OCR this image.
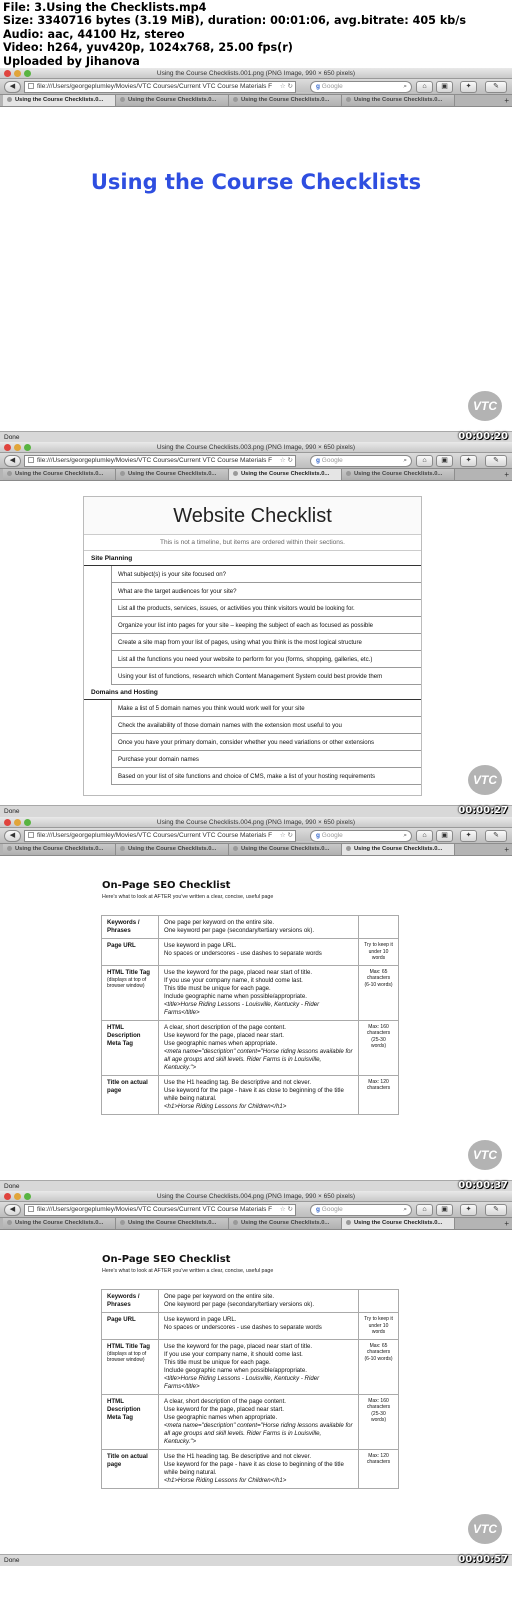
File: 3.Using the Checklists.mp4
Size: 3340716 bytes (3.19 MiB), duration: 00:01:06, avg.bitrate: 405 kb/s
Audio: aac, 44100 Hz, stereo
Video: h264, yuv420p, 1024x768, 25.00 fps(r)
Uploaded by Jihanova
Using the Course Checklists.001.png (PNG Image, 990 × 650 pixels)
◀	file:///Users/georgeplumley/Movies/VTC Courses/Current VTC Course Materials F ☆ ↻	g Google	⌕	⌂	▣	✦	✎
Using the Course Checklists.0...	Using the Course Checklists.0...	Using the Course Checklists.0...	Using the Course Checklists.0...	+
Using the Course Checklists
VTC
Done	00:00:20
Using the Course Checklists.003.png (PNG Image, 990 × 650 pixels)
◀	file:///Users/georgeplumley/Movies/VTC Courses/Current VTC Course Materials F ☆ ↻	g Google	⌕	⌂	▣	✦	✎
Using the Course Checklists.0...	Using the Course Checklists.0...	Using the Course Checklists.0...	Using the Course Checklists.0...	+
Website Checklist
This is not a timeline, but items are ordered within their sections.
Site Planning
What subject(s) is your site focused on?
What are the target audiences for your site?
List all the products, services, issues, or activities you think visitors would be looking for.
Organize your list into pages for your site – keeping the subject of each as focused as possible
Create a site map from your list of pages, using what you think is the most logical structure
List all the functions you need your website to perform for you (forms, shopping, galleries, etc.)
Using your list of functions, research which Content Management System could best provide them
Domains and Hosting
Make a list of 5 domain names you think would work well for your site
Check the availability of those domain names with the extension most useful to you
Once you have your primary domain, consider whether you need variations or other extensions
Purchase your domain names
Based on your list of site functions and choice of CMS, make a list of your hosting requirements	VTC
Done	00:00:27
Using the Course Checklists.004.png (PNG Image, 990 × 650 pixels)
◀	file:///Users/georgeplumley/Movies/VTC Courses/Current VTC Course Materials F ☆ ↻	g Google	⌕	⌂	▣	✦	✎
Using the Course Checklists.0...	Using the Course Checklists.0...	Using the Course Checklists.0...	Using the Course Checklists.0...	+
On-Page SEO Checklist
Here's what to look at AFTER you've written a clear, concise, useful page
Keywords / Phrases	One page per keyword on the entire site.
One keyword per page (secondary/tertiary versions ok).	

Page URL	Use keyword in page URL.
No spaces or underscores - use dashes to separate words	Try to keep it under 10 words
HTML Title Tag
(displays at top of browser window)	Use the keyword for the page, placed near start of title.
If you use your company name, it should come last.
This title must be unique for each page.
Include geographic name when possible/appropriate.
<title>Horse Riding Lessons - Louisville, Kentucky - Rider Farms</title>	Max: 65 characters (6-10 words)
HTML Description Meta Tag	A clear, short description of the page content.
Use keyword for the page, placed near start.
Use geographic names when appropriate.
<meta name="description" content="Horse riding lessons available for all age groups and skill levels. Rider Farms is in Louisville, Kentucky.">	Max: 160 characters (25-30 words)
Title on actual page	Use the H1 heading tag. Be descriptive and not clever.
Use keyword for the page - have it as close to beginning of the title while being natural.
<h1>Horse Riding Lessons for Children</h1>	Max: 120 characters
VTC
Done	00:00:37
Using the Course Checklists.004.png (PNG Image, 990 × 650 pixels)
◀	file:///Users/georgeplumley/Movies/VTC Courses/Current VTC Course Materials F ☆ ↻	g Google	⌕	⌂	▣	✦	✎
Using the Course Checklists.0...	Using the Course Checklists.0...	Using the Course Checklists.0...	Using the Course Checklists.0...	+
On-Page SEO Checklist
Here's what to look at AFTER you've written a clear, concise, useful page
Keywords / Phrases	One page per keyword on the entire site.
One keyword per page (secondary/tertiary versions ok).	

Page URL	Use keyword in page URL.
No spaces or underscores - use dashes to separate words	Try to keep it under 10 words
HTML Title Tag
(displays at top of browser window)	Use the keyword for the page, placed near start of title.
If you use your company name, it should come last.
This title must be unique for each page.
Include geographic name when possible/appropriate.
<title>Horse Riding Lessons - Louisville, Kentucky - Rider Farms</title>	Max: 65 characters (6-10 words)
HTML Description Meta Tag	A clear, short description of the page content.
Use keyword for the page, placed near start.
Use geographic names when appropriate.
<meta name="description" content="Horse riding lessons available for all age groups and skill levels. Rider Farms is in Louisville, Kentucky.">	Max: 160 characters (25-30 words)
Title on actual page	Use the H1 heading tag. Be descriptive and not clever.
Use keyword for the page - have it as close to beginning of the title while being natural.
<h1>Horse Riding Lessons for Children</h1>	Max: 120 characters
VTC
Done	00:00:57
